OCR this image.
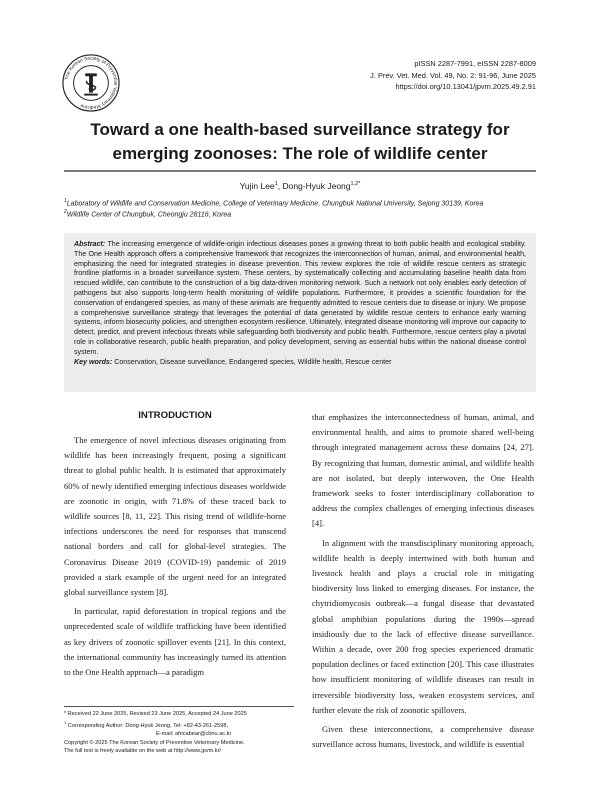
The Korean Society of Preventive Veterinary Medicine
pISSN 2287-7991, eISSN 2287-8009
J. Prev. Vet. Med. Vol. 49, No. 2: 91-96, June 2025
https://doi.org/10.13041/jpvm.2025.49.2.91
Toward a one health-based surveillance strategy for
emerging zoonoses: The role of wildlife center
Yujin Lee$^1$, Dong-Hyuk Jeong$^{1,2*}$
$^1$Laboratory of Wildlife and Conservation Medicine, College of Veterinary Medicine, Chungbuk National University, Sejong 30139, Korea
$^2$Wildlife Center of Chungbuk, Cheongju 28116, Korea
Abstract: The increasing emergence of wildlife-origin infectious diseases poses a growing threat to both public health and ecological stability. The One Health approach offers a comprehensive framework that recognizes the interconnection of human, animal, and environmental health, emphasizing the need for integrated strategies in disease prevention. This review explores the role of wildlife rescue centers as strategic frontline platforms in a broader surveillance system. These centers, by systematically collecting and accumulating baseline health data from rescued wildlife, can contribute to the construction of a big data-driven monitoring network. Such a network not only enables early detection of pathogens but also supports long-term health monitoring of wildlife populations. Furthermore, it provides a scientific foundation for the conservation of endangered species, as many of these animals are frequently admitted to rescue centers due to disease or injury. We propose a comprehensive surveillance strategy that leverages the potential of data generated by wildlife rescue centers to enhance early warning systems, inform biosecurity policies, and strengthen ecosystem resilience. Ultimately, integrated disease monitoring will improve our capacity to detect, predict, and prevent infectious threats while safeguarding both biodiversity and public health. Furthermore, rescue centers play a pivotal role in collaborative research, public health preparation, and policy development, serving as essential hubs within the national disease control system.
Key words: Conservation, Disease surveillance, Endangered species, Wildlife health, Rescue center
INTRODUCTION

The emergence of novel infectious diseases originating from wildlife has been increasingly frequent, posing a significant threat to global public health. It is estimated that approximately 60% of newly identified emerging infectious diseases worldwide are zoonotic in origin, with 71.8% of these traced back to wildlife sources [8, 11, 22]. This rising trend of wildlife-borne infections underscores the need for responses that transcend national borders and call for global-level strategies. The Coronavirus Disease 2019 (COVID-19) pandemic of 2019 provided a stark example of the urgent need for an integrated global surveillance system [8].

In particular, rapid deforestation in tropical regions and the unprecedented scale of wildlife trafficking have been identified as key drivers of zoonotic spillover events [21]. In this context, the international community has increasingly turned its attention to the One Health approach—a paradigm

that emphasizes the interconnectedness of human, animal, and environmental health, and aims to promote shared well-being through integrated management across these domains [24, 27]. By recognizing that human, domestic animal, and wildlife health are not isolated, but deeply interwoven, the One Health framework seeks to foster interdisciplinary collaboration to address the complex challenges of emerging infectious diseases [4].

In alignment with the transdisciplinary monitoring approach, wildlife health is deeply intertwined with both human and livestock health and plays a crucial role in mitigating biodiversity loss linked to emerging diseases. For instance, the chytridiomycosis outbreak—a fungal disease that devastated global amphibian populations during the 1990s—spread insidiously due to the lack of effective disease surveillance. Within a decade, over 200 frog species experienced dramatic population declines or faced extinction [20]. This case illustrates how insufficient monitoring of wildlife diseases can result in irreversible biodiversity loss, weaken ecosystem services, and further elevate the risk of zoonotic spillovers.

Given these interconnections, a comprehensive disease surveillance across humans, livestock, and wildlife is essential

* Received 22 June 2025, Revised 23 June 2025, Accepted 24 June 2025
$^1$ Corresponding Author: Dong-Hyuk Jeong, Tel: +82-43-261-2598,
E-mail: africabear@cbnu.ac.kr
Copyright © 2025 The Korean Society of Preventive Veterinary Medicine.
The full text is freely available on the web at http://www.jpvm.kr/
